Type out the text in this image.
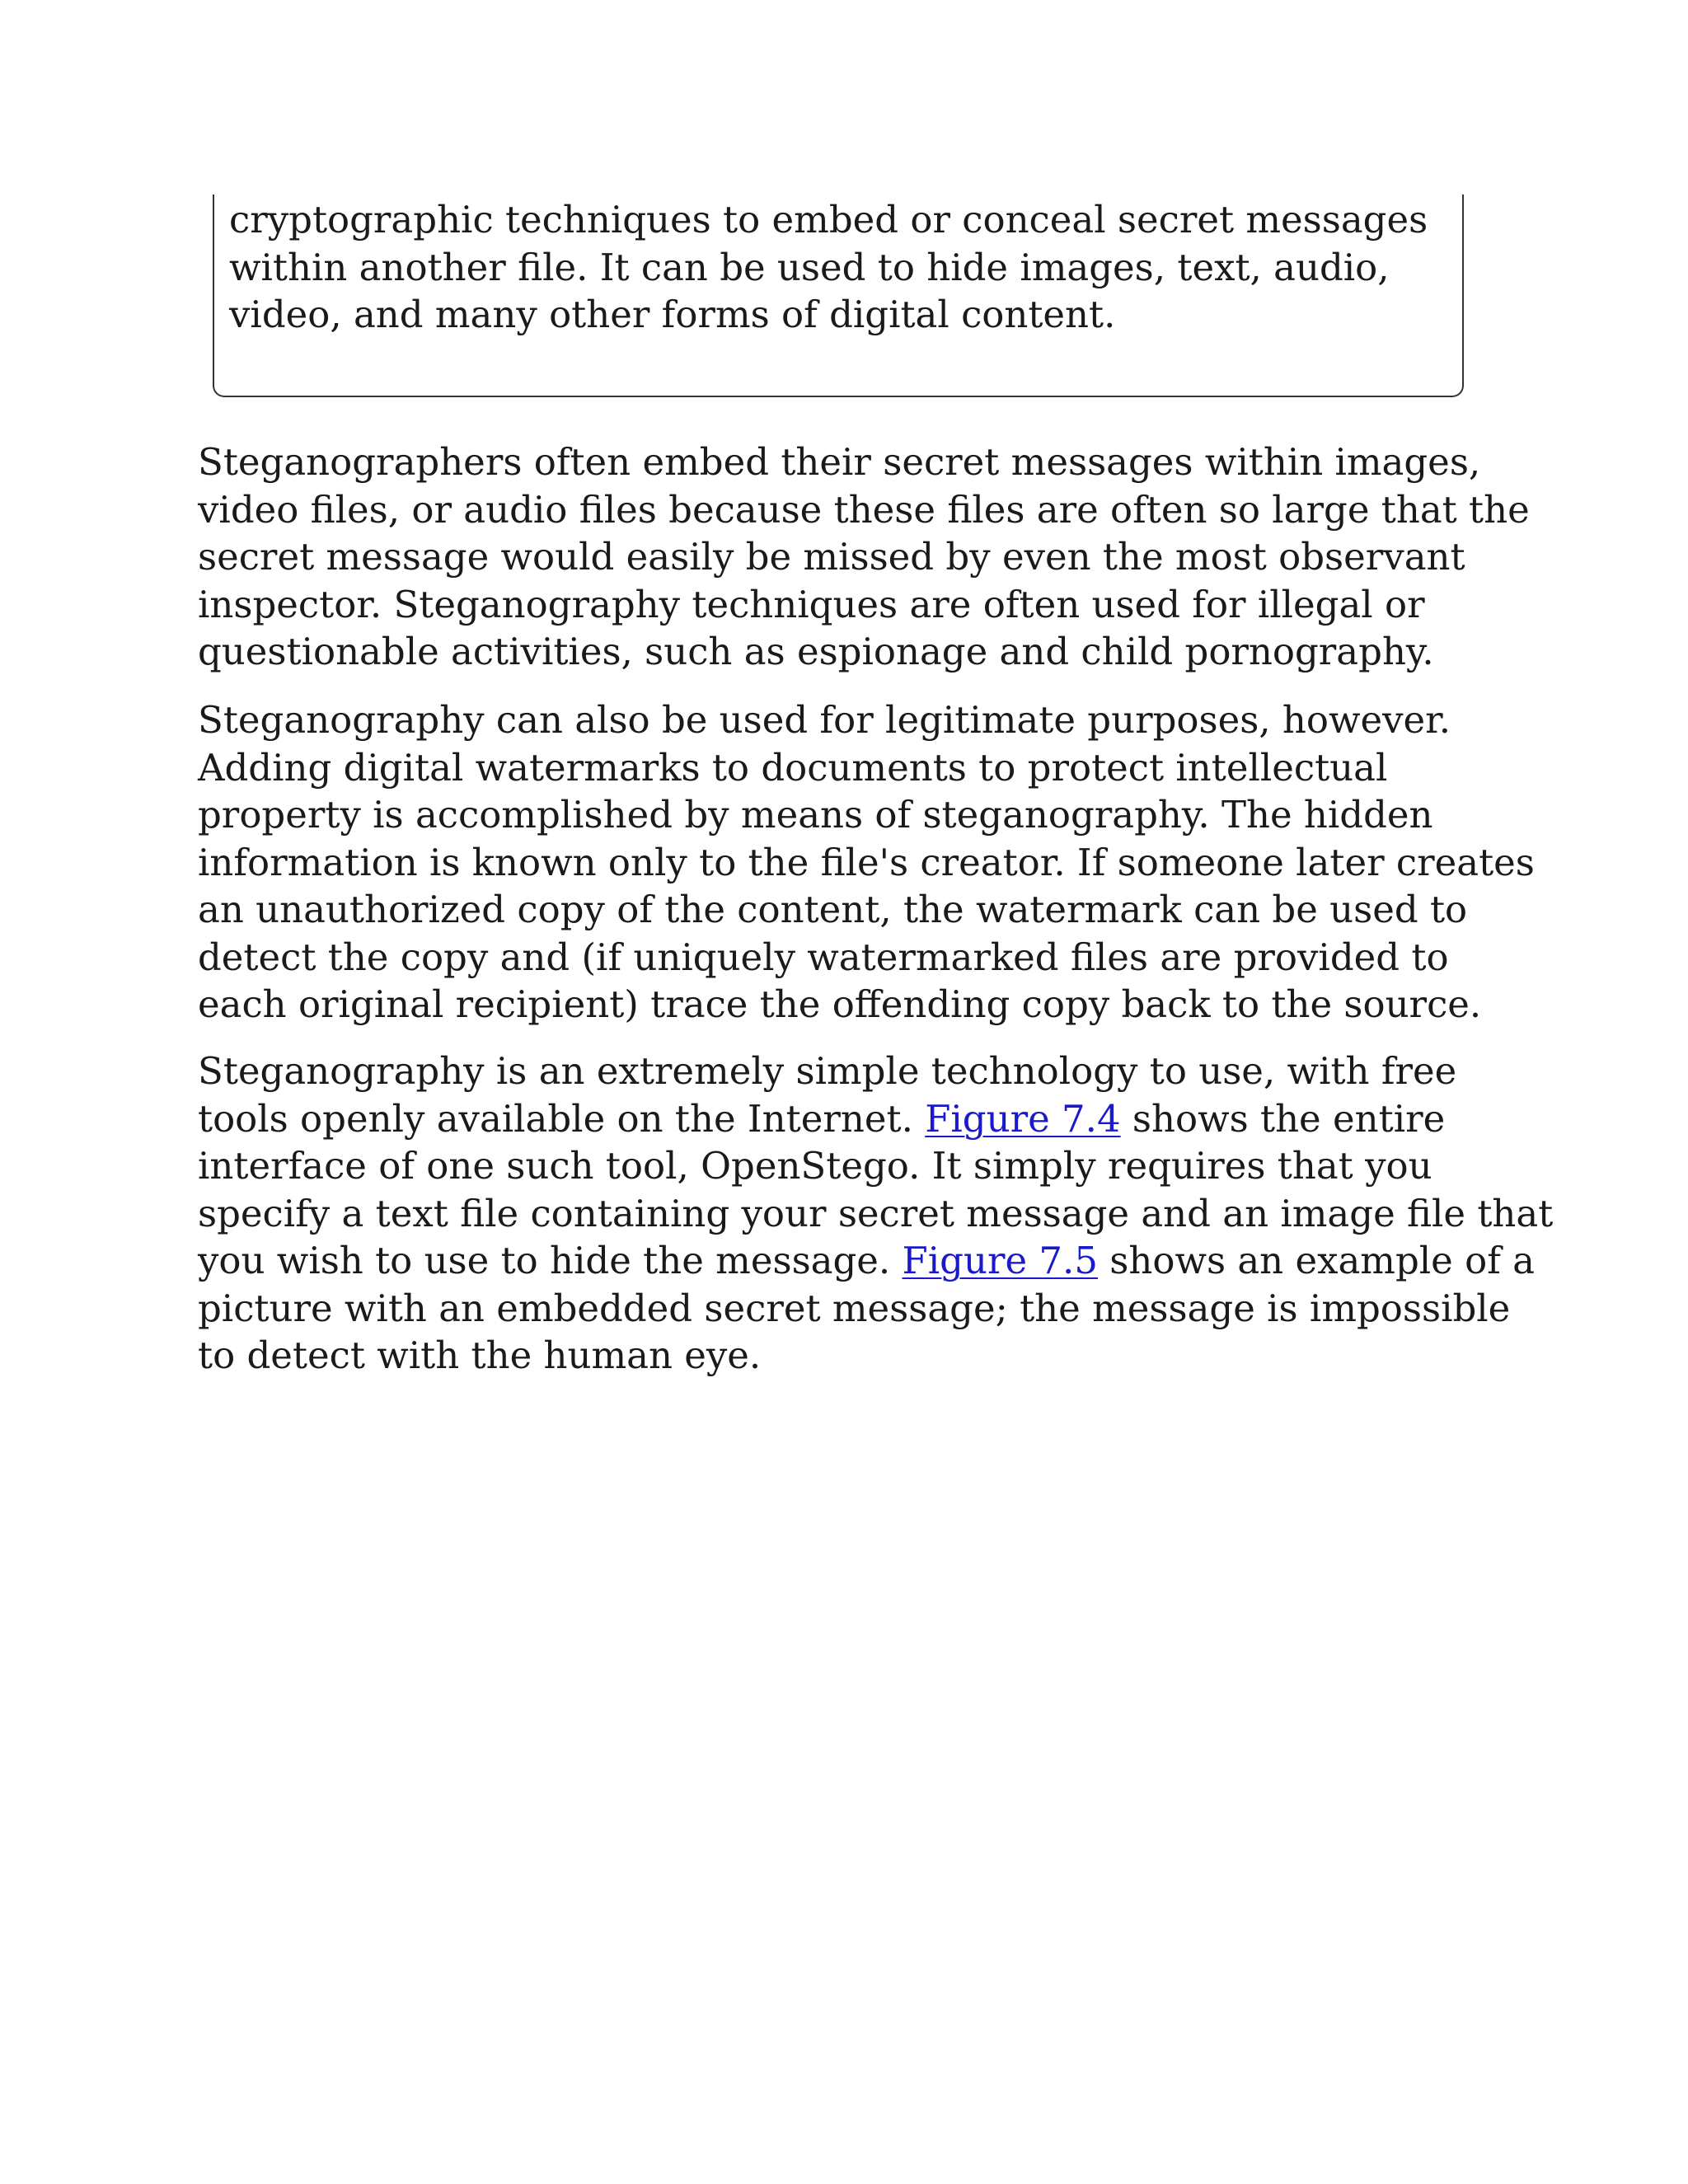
cryptographic techniques to embed or conceal secret messages
within another file. It can be used to hide images, text, audio,
video, and many other forms of digital content.

Steganographers often embed their secret messages within images,
video files, or audio files because these files are often so large that the
secret message would easily be missed by even the most observant
inspector. Steganography techniques are often used for illegal or
questionable activities, such as espionage and child pornography.

Steganography can also be used for legitimate purposes, however.
Adding digital watermarks to documents to protect intellectual
property is accomplished by means of steganography. The hidden
information is known only to the file's creator. If someone later creates
an unauthorized copy of the content, the watermark can be used to
detect the copy and (if uniquely watermarked files are provided to
each original recipient) trace the offending copy back to the source.

Steganography is an extremely simple technology to use, with free
tools openly available on the Internet. Figure 7.4 shows the entire
interface of one such tool, OpenStego. It simply requires that you
specify a text file containing your secret message and an image file that
you wish to use to hide the message. Figure 7.5 shows an example of a
picture with an embedded secret message; the message is impossible
to detect with the human eye.
